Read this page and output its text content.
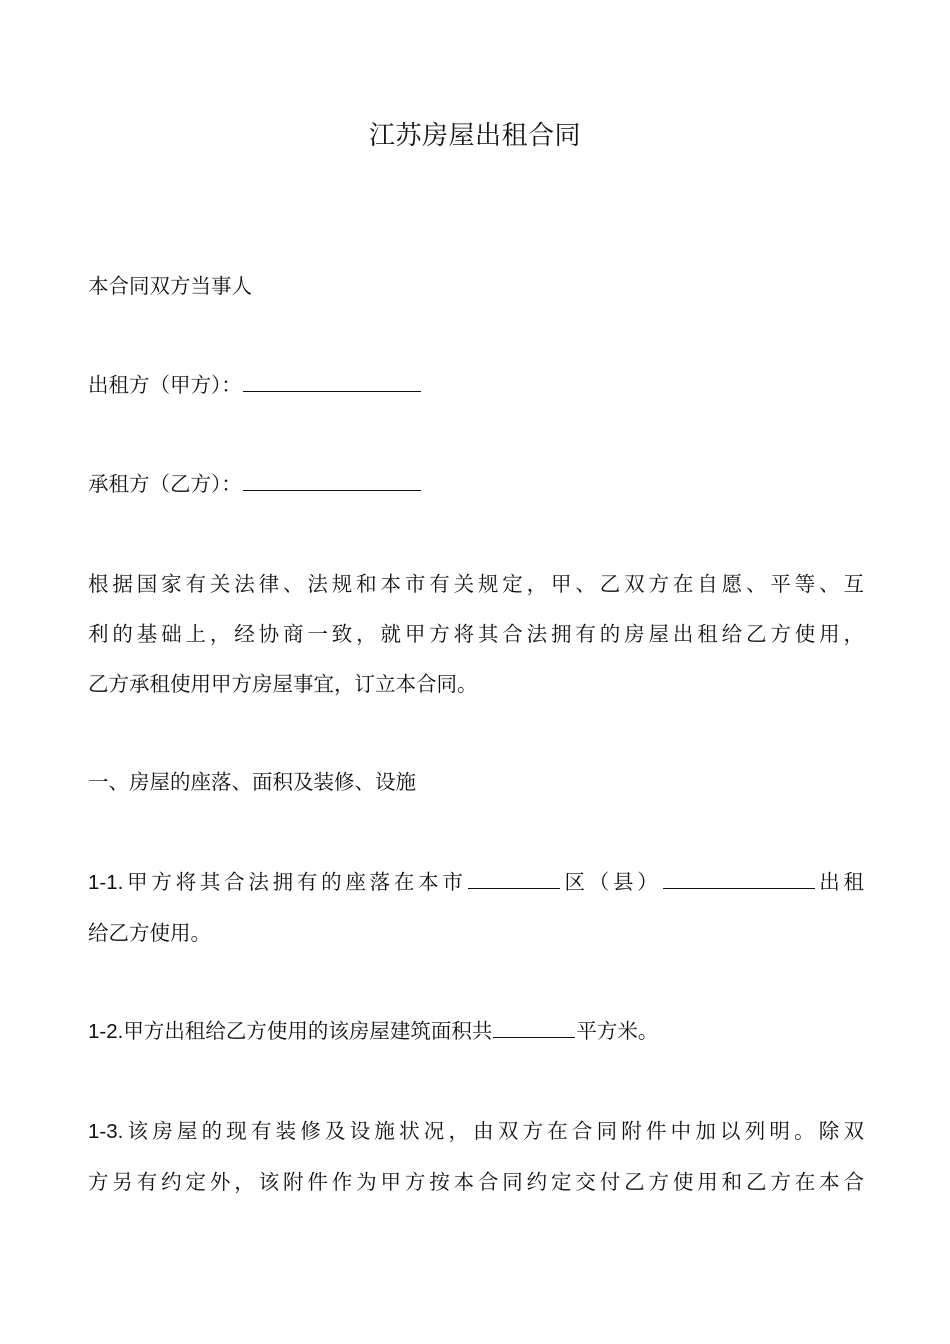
江苏房屋出租合同

本合同双方当事人

出租方（甲方）：

承租方（乙方）：

根据国家有关法律、法规和本市有关规定，甲、乙双方在自愿、平等、互
利的基础上，经协商一致，就甲方将其合法拥有的房屋出租给乙方使用，
乙方承租使用甲方房屋事宜，订立本合同。

一、房屋的座落、面积及装修、设施

1-1.甲方将其合法拥有的座落在本市	区（县）	出租
给乙方使用。

1-2.甲方出租给乙方使用的该房屋建筑面积共	平方米。

1-3.该房屋的现有装修及设施状况，由双方在合同附件中加以列明。除双
方另有约定外，该附件作为甲方按本合同约定交付乙方使用和乙方在本合
